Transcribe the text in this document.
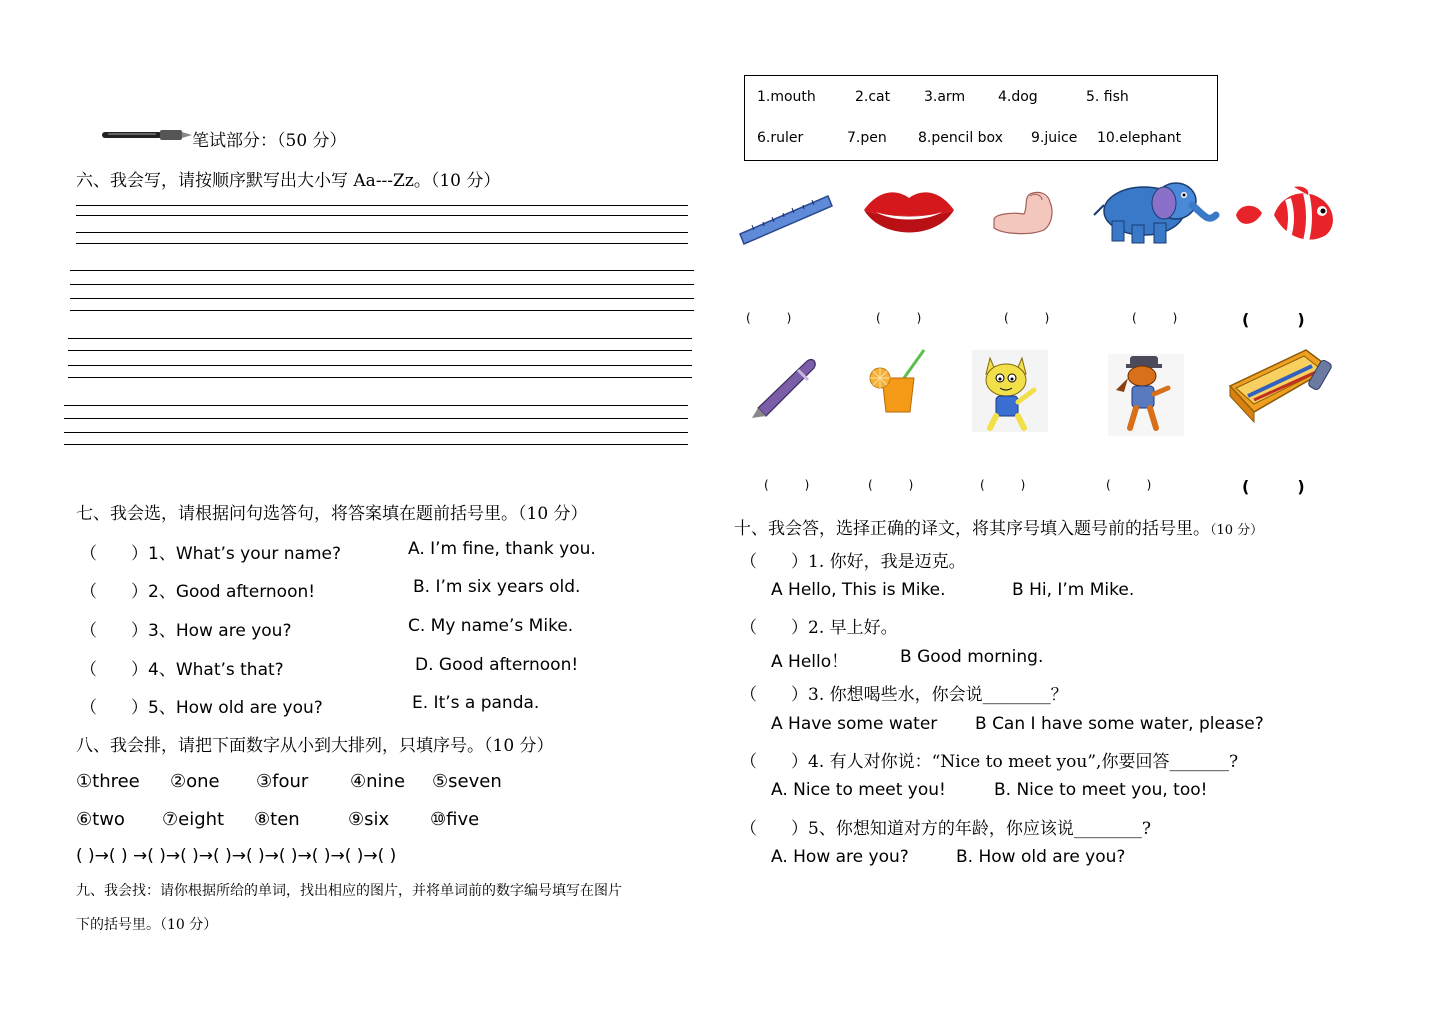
笔试部分：（50 分）
六、我会写，请按顺序默写出大小写 Aa---Zz。（10 分）
七、我会选，请根据问句选答句，将答案填在题前括号里。（10 分）
（　　）1、What’s your name?	A. I’m fine, thank you.
（　　）2、Good afternoon!	B. I’m six years old.
（　　）3、How are you?	C. My name’s Mike.
（　　）4、What’s that?	D. Good afternoon!
（　　）5、How old are you?	E. It’s a panda.
八、我会排，请把下面数字从小到大排列，只填序号。（10 分）
①three ②one ③four ④nine ⑤seven
⑥two ⑦eight ⑧ten	⑨six ⑩five
( )→( ) →( )→( )→( )→( )→( )→( )→( )→( )
九、我会找：请你根据所给的单词，找出相应的图片，并将单词前的数字编号填写在图片
下的括号里。（10 分）
1.mouth	2.cat 3.arm 4.dog	5. fish
6.ruler	7.pen 8.pencil box 9.juice 10.elephant
(　　　)	(　　　)	(　　　)	(　　　)	(　　　)
(　　　)	(　　　)	(　　　)	(　　　)	(　　　)
十、我会答，选择正确的译文，将其序号填入题号前的括号里。（10 分）
（　　）1. 你好，我是迈克。
A Hello, This is Mike.	B Hi, I’m Mike.
（　　）2. 早上好。
A Hello！	B Good morning.
（　　）3. 你想喝些水，你会说________？
A Have some water B Can I have some water, please?
（　　）4. 有人对你说：“Nice to meet you”,你要回答_______?
A. Nice to meet you!	B. Nice to meet you, too!
（　　）5、你想知道对方的年龄，你应该说________?
A. How are you?	B. How old are you?
